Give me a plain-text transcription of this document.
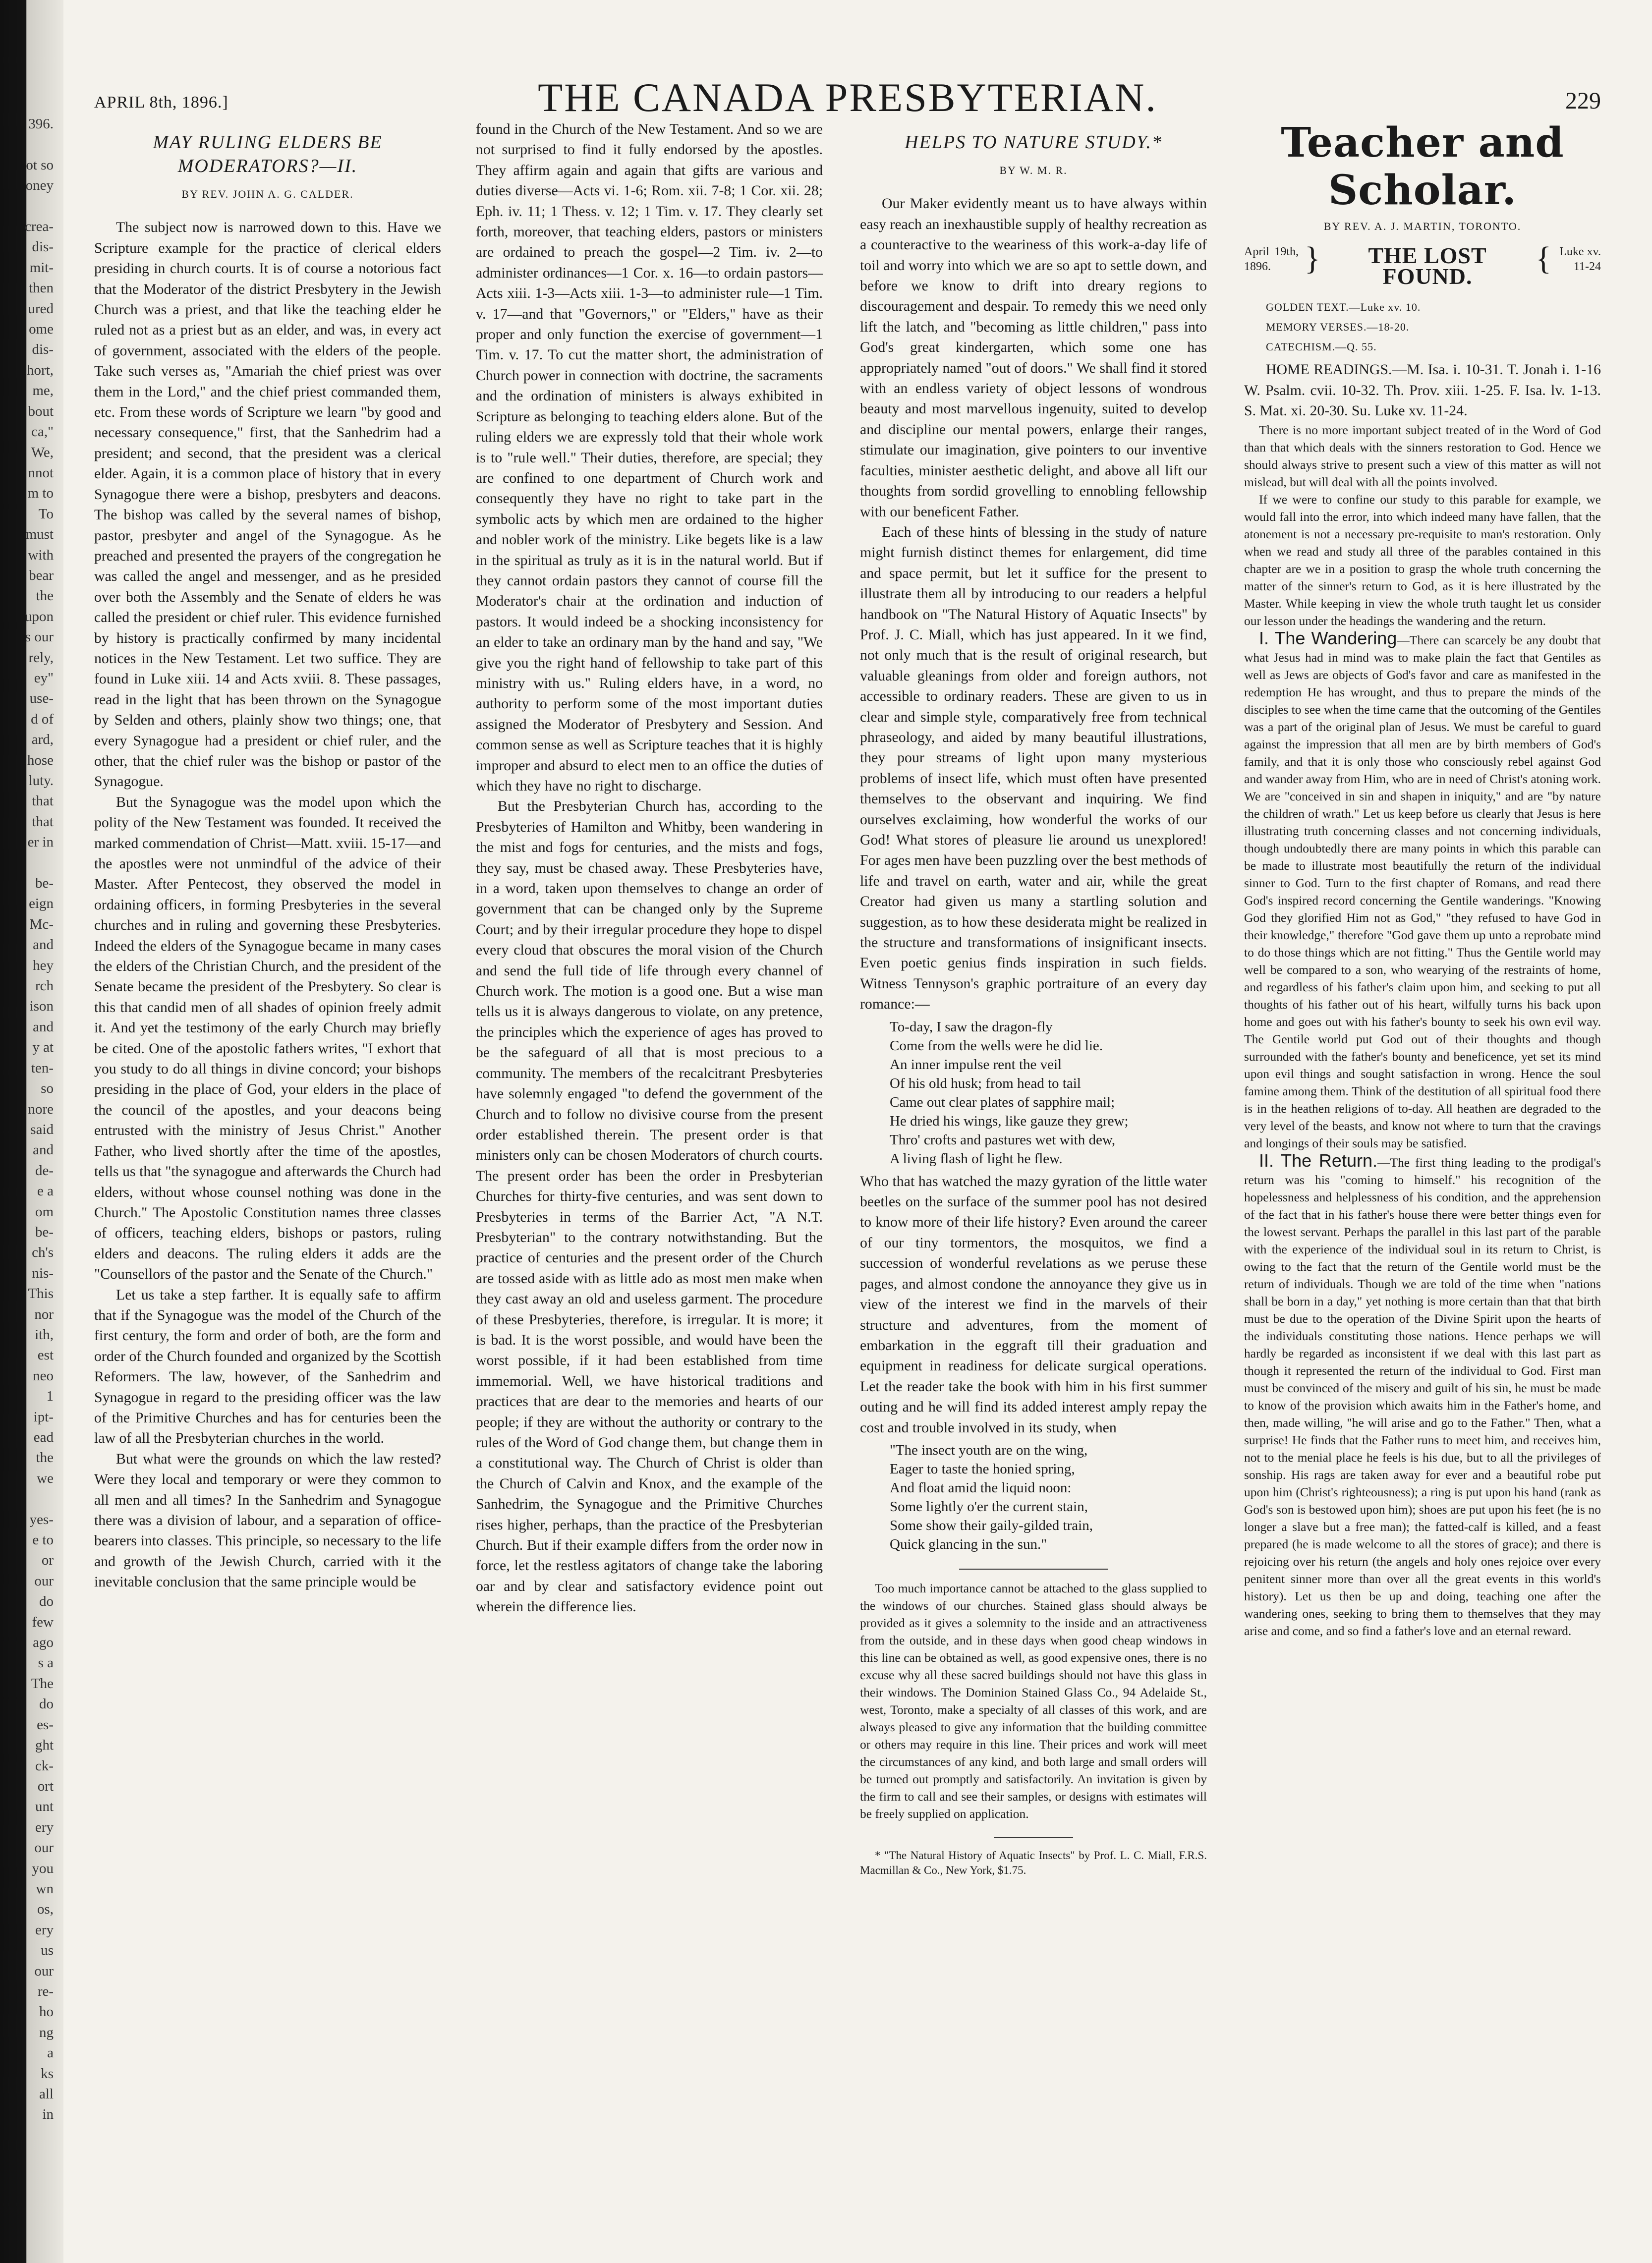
396.

ot so
oney

crea-
dis-
mit-
then
ured
ome
dis-
hort,
me,
bout
ca,"
We,
nnot
m to
To
must
with
bear
the
upon
s our
rely,
ey"
use-
d of
ard,
hose
luty.
that
that
er in

be-
eign
Mc-
and
hey
rch
ison
and
y at
ten-
so
nore
said
and
de-
e a
om
be-
ch's
nis-
This
nor
ith,
est
neo
1
ipt-
ead
the
we

yes-
e to
or
our
do
few
ago
s a
The
do
es-
ght
ck-
ort
unt
ery
our
you
wn
os,
ery
us
our
re-
ho
ng
a
ks
all
in
APRIL 8th, 1896.]	THE CANADA PRESBYTERIAN.	229
MAY RULING ELDERS BE MODERATORS?—II.
BY REV. JOHN A. G. CALDER.

The subject now is narrowed down to this. Have we Scripture example for the practice of clerical elders presiding in church courts. It is of course a notorious fact that the Moderator of the district Presbytery in the Jewish Church was a priest, and that like the teaching elder he ruled not as a priest but as an elder, and was, in every act of government, associated with the elders of the people. Take such verses as, "Amariah the chief priest was over them in the Lord," and the chief priest commanded them, etc. From these words of Scripture we learn "by good and necessary consequence," first, that the Sanhedrim had a president; and second, that the president was a clerical elder. Again, it is a common place of history that in every Synagogue there were a bishop, presbyters and deacons. The bishop was called by the several names of bishop, pastor, presbyter and angel of the Synagogue. As he preached and presented the prayers of the congregation he was called the angel and messenger, and as he presided over both the Assembly and the Senate of elders he was called the president or chief ruler. This evidence furnished by history is practically confirmed by many incidental notices in the New Testament. Let two suffice. They are found in Luke xiii. 14 and Acts xviii. 8. These passages, read in the light that has been thrown on the Synagogue by Selden and others, plainly show two things; one, that every Synagogue had a president or chief ruler, and the other, that the chief ruler was the bishop or pastor of the Synagogue.

But the Synagogue was the model upon which the polity of the New Testament was founded. It received the marked commendation of Christ—Matt. xviii. 15-17—and the apostles were not unmindful of the advice of their Master. After Pentecost, they observed the model in ordaining officers, in forming Presbyteries in the several churches and in ruling and governing these Presbyteries. Indeed the elders of the Synagogue became in many cases the elders of the Christian Church, and the president of the Senate became the president of the Presbytery. So clear is this that candid men of all shades of opinion freely admit it. And yet the testimony of the early Church may briefly be cited. One of the apostolic fathers writes, "I exhort that you study to do all things in divine concord; your bishops presiding in the place of God, your elders in the place of the council of the apostles, and your deacons being entrusted with the ministry of Jesus Christ." Another Father, who lived shortly after the time of the apostles, tells us that "the synagogue and afterwards the Church had elders, without whose counsel nothing was done in the Church." The Apostolic Constitution names three classes of officers, teaching elders, bishops or pastors, ruling elders and deacons. The ruling elders it adds are the "Counsellors of the pastor and the Senate of the Church."

Let us take a step farther. It is equally safe to affirm that if the Synagogue was the model of the Church of the first century, the form and order of both, are the form and order of the Church founded and organized by the Scottish Reformers. The law, however, of the Sanhedrim and Synagogue in regard to the presiding officer was the law of the Primitive Churches and has for centuries been the law of all the Presbyterian churches in the world.

But what were the grounds on which the law rested? Were they local and temporary or were they common to all men and all times? In the Sanhedrim and Synagogue there was a division of labour, and a separation of office-bearers into classes. This principle, so necessary to the life and growth of the Jewish Church, carried with it the inevitable conclusion that the same principle would be

found in the Church of the New Testament. And so we are not surprised to find it fully endorsed by the apostles. They affirm again and again that gifts are various and duties diverse—Acts vi. 1-6; Rom. xii. 7-8; 1 Cor. xii. 28; Eph. iv. 11; 1 Thess. v. 12; 1 Tim. v. 17. They clearly set forth, moreover, that teaching elders, pastors or ministers are ordained to preach the gospel—2 Tim. iv. 2—to administer ordinances—1 Cor. x. 16—to ordain pastors—Acts xiii. 1-3—Acts xiii. 1-3—to administer rule—1 Tim. v. 17—and that "Governors," or "Elders," have as their proper and only function the exercise of government—1 Tim. v. 17. To cut the matter short, the administration of Church power in connection with doctrine, the sacraments and the ordination of ministers is always exhibited in Scripture as belonging to teaching elders alone. But of the ruling elders we are expressly told that their whole work is to "rule well." Their duties, therefore, are special; they are confined to one department of Church work and consequently they have no right to take part in the symbolic acts by which men are ordained to the higher and nobler work of the ministry. Like begets like is a law in the spiritual as truly as it is in the natural world. But if they cannot ordain pastors they cannot of course fill the Moderator's chair at the ordination and induction of pastors. It would indeed be a shocking inconsistency for an elder to take an ordinary man by the hand and say, "We give you the right hand of fellowship to take part of this ministry with us." Ruling elders have, in a word, no authority to perform some of the most important duties assigned the Moderator of Presbytery and Session. And common sense as well as Scripture teaches that it is highly improper and absurd to elect men to an office the duties of which they have no right to discharge.

But the Presbyterian Church has, according to the Presbyteries of Hamilton and Whitby, been wandering in the mist and fogs for centuries, and the mists and fogs, they say, must be chased away. These Presbyteries have, in a word, taken upon themselves to change an order of government that can be changed only by the Supreme Court; and by their irregular procedure they hope to dispel every cloud that obscures the moral vision of the Church and send the full tide of life through every channel of Church work. The motion is a good one. But a wise man tells us it is always dangerous to violate, on any pretence, the principles which the experience of ages has proved to be the safeguard of all that is most precious to a community. The members of the recalcitrant Presbyteries have solemnly engaged "to defend the government of the Church and to follow no divisive course from the present order established therein. The present order is that ministers only can be chosen Moderators of church courts. The present order has been the order in Presbyterian Churches for thirty-five centuries, and was sent down to Presbyteries in terms of the Barrier Act, "A N.T. Presbyterian" to the contrary notwithstanding. But the practice of centuries and the present order of the Church are tossed aside with as little ado as most men make when they cast away an old and useless garment. The procedure of these Presbyteries, therefore, is irregular. It is more; it is bad. It is the worst possible, and would have been the worst possible, if it had been established from time immemorial. Well, we have historical traditions and practices that are dear to the memories and hearts of our people; if they are without the authority or contrary to the rules of the Word of God change them, but change them in a constitutional way. The Church of Christ is older than the Church of Calvin and Knox, and the example of the Sanhedrim, the Synagogue and the Primitive Churches rises higher, perhaps, than the practice of the Presbyterian Church. But if their example differs from the order now in force, let the restless agitators of change take the laboring oar and by clear and satisfactory evidence point out wherein the difference lies.

HELPS TO NATURE STUDY.*
BY W. M. R.

Our Maker evidently meant us to have always within easy reach an inexhaustible supply of healthy recreation as a counteractive to the weariness of this work-a-day life of toil and worry into which we are so apt to settle down, and before we know to drift into dreary regions to discouragement and despair. To remedy this we need only lift the latch, and "becoming as little children," pass into God's great kindergarten, which some one has appropriately named "out of doors." We shall find it stored with an endless variety of object lessons of wondrous beauty and most marvellous ingenuity, suited to develop and discipline our mental powers, enlarge their ranges, stimulate our imagination, give pointers to our inventive faculties, minister aesthetic delight, and above all lift our thoughts from sordid grovelling to ennobling fellowship with our beneficent Father.

Each of these hints of blessing in the study of nature might furnish distinct themes for enlargement, did time and space permit, but let it suffice for the present to illustrate them all by introducing to our readers a helpful handbook on "The Natural History of Aquatic Insects" by Prof. J. C. Miall, which has just appeared. In it we find, not only much that is the result of original research, but valuable gleanings from older and foreign authors, not accessible to ordinary readers. These are given to us in clear and simple style, comparatively free from technical phraseology, and aided by many beautiful illustrations, they pour streams of light upon many mysterious problems of insect life, which must often have presented themselves to the observant and inquiring. We find ourselves exclaiming, how wonderful the works of our God! What stores of pleasure lie around us unexplored! For ages men have been puzzling over the best methods of life and travel on earth, water and air, while the great Creator had given us many a startling solution and suggestion, as to how these desiderata might be realized in the structure and transformations of insignificant insects. Even poetic genius finds inspiration in such fields. Witness Tennyson's graphic portraiture of an every day romance:—

To-day, I saw the dragon-fly
Come from the wells were he did lie.
An inner impulse rent the veil
Of his old husk; from head to tail
Came out clear plates of sapphire mail;
He dried his wings, like gauze they grew;
Thro' crofts and pastures wet with dew,
A living flash of light he flew.

Who that has watched the mazy gyration of the little water beetles on the surface of the summer pool has not desired to know more of their life history? Even around the career of our tiny tormentors, the mosquitos, we find a succession of wonderful revelations as we peruse these pages, and almost condone the annoyance they give us in view of the interest we find in the marvels of their structure and adventures, from the moment of embarkation in the eggraft till their graduation and equipment in readiness for delicate surgical operations. Let the reader take the book with him in his first summer outing and he will find its added interest amply repay the cost and trouble involved in its study, when

"The insect youth are on the wing,
Eager to taste the honied spring,
And float amid the liquid noon:
Some lightly o'er the current stain,
Some show their gaily-gilded train,
Quick glancing in the sun."

Too much importance cannot be attached to the glass supplied to the windows of our churches. Stained glass should always be provided as it gives a solemnity to the inside and an attractiveness from the outside, and in these days when good cheap windows in this line can be obtained as well, as good expensive ones, there is no excuse why all these sacred buildings should not have this glass in their windows. The Dominion Stained Glass Co., 94 Adelaide St., west, Toronto, make a specialty of all classes of this work, and are always pleased to give any information that the building committee or others may require in this line. Their prices and work will meet the circumstances of any kind, and both large and small orders will be turned out promptly and satisfactorily. An invitation is given by the firm to call and see their samples, or designs with estimates will be freely supplied on application.

* "The Natural History of Aquatic Insects" by Prof. L. C. Miall, F.R.S. Macmillan & Co., New York, $1.75.
Teacher and Scholar.
BY REV. A. J. MARTIN, TORONTO.
April 19th, 1896.	}	THE LOST FOUND.	{ Luke xv. 11-24
GOLDEN TEXT.—Luke xv. 10.
MEMORY VERSES.—18-20.
CATECHISM.—Q. 55.

HOME READINGS.—M. Isa. i. 10-31. T. Jonah i. 1-16 W. Psalm. cvii. 10-32. Th. Prov. xiii. 1-25. F. Isa. lv. 1-13. S. Mat. xi. 20-30. Su. Luke xv. 11-24.

There is no more important subject treated of in the Word of God than that which deals with the sinners restoration to God. Hence we should always strive to present such a view of this matter as will not mislead, but will deal with all the points involved.

If we were to confine our study to this parable for example, we would fall into the error, into which indeed many have fallen, that the atonement is not a necessary pre-requisite to man's restoration. Only when we read and study all three of the parables contained in this chapter are we in a position to grasp the whole truth concerning the matter of the sinner's return to God, as it is here illustrated by the Master. While keeping in view the whole truth taught let us consider our lesson under the headings the wandering and the return.

I. The Wandering—There can scarcely be any doubt that what Jesus had in mind was to make plain the fact that Gentiles as well as Jews are objects of God's favor and care as manifested in the redemption He has wrought, and thus to prepare the minds of the disciples to see when the time came that the outcoming of the Gentiles was a part of the original plan of Jesus. We must be careful to guard against the impression that all men are by birth members of God's family, and that it is only those who consciously rebel against God and wander away from Him, who are in need of Christ's atoning work. We are "conceived in sin and shapen in iniquity," and are "by nature the children of wrath." Let us keep before us clearly that Jesus is here illustrating truth concerning classes and not concerning individuals, though undoubtedly there are many points in which this parable can be made to illustrate most beautifully the return of the individual sinner to God. Turn to the first chapter of Romans, and read there God's inspired record concerning the Gentile wanderings. "Knowing God they glorified Him not as God," "they refused to have God in their knowledge," therefore "God gave them up unto a reprobate mind to do those things which are not fitting." Thus the Gentile world may well be compared to a son, who wearying of the restraints of home, and regardless of his father's claim upon him, and seeking to put all thoughts of his father out of his heart, wilfully turns his back upon home and goes out with his father's bounty to seek his own evil way. The Gentile world put God out of their thoughts and though surrounded with the father's bounty and beneficence, yet set its mind upon evil things and sought satisfaction in wrong. Hence the soul famine among them. Think of the destitution of all spiritual food there is in the heathen religions of to-day. All heathen are degraded to the very level of the beasts, and know not where to turn that the cravings and longings of their souls may be satisfied.

II. The Return.—The first thing leading to the prodigal's return was his "coming to himself." his recognition of the hopelessness and helplessness of his condition, and the apprehension of the fact that in his father's house there were better things even for the lowest servant. Perhaps the parallel in this last part of the parable with the experience of the individual soul in its return to Christ, is owing to the fact that the return of the Gentile world must be the return of individuals. Though we are told of the time when "nations shall be born in a day," yet nothing is more certain than that that birth must be due to the operation of the Divine Spirit upon the hearts of the individuals constituting those nations. Hence perhaps we will hardly be regarded as inconsistent if we deal with this last part as though it represented the return of the individual to God. First man must be convinced of the misery and guilt of his sin, he must be made to know of the provision which awaits him in the Father's home, and then, made willing, "he will arise and go to the Father." Then, what a surprise! He finds that the Father runs to meet him, and receives him, not to the menial place he feels is his due, but to all the privileges of sonship. His rags are taken away for ever and a beautiful robe put upon him (Christ's righteousness); a ring is put upon his hand (rank as God's son is bestowed upon him); shoes are put upon his feet (he is no longer a slave but a free man); the fatted-calf is killed, and a feast prepared (he is made welcome to all the stores of grace); and there is rejoicing over his return (the angels and holy ones rejoice over every penitent sinner more than over all the great events in this world's history). Let us then be up and doing, teaching one after the wandering ones, seeking to bring them to themselves that they may arise and come, and so find a father's love and an eternal reward.
